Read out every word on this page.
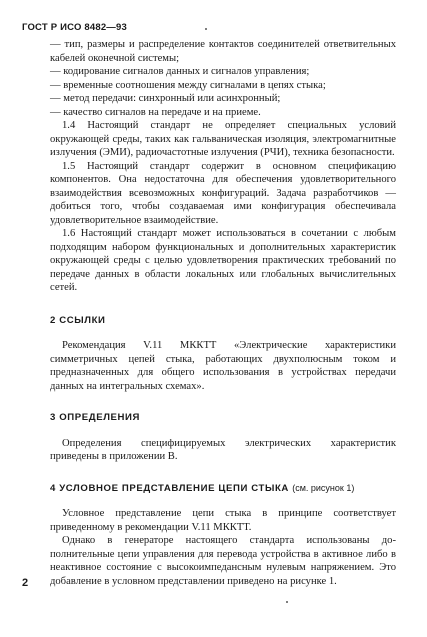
ГОСТ Р ИСО 8482—93

— тип, размеры и распределение контактов соединителей ответвительных кабелей оконечной системы;

— кодирование сигналов данных и сигналов управления;

— временные соотношения между сигналами в цепях стыка;

— метод передачи: синхронный или асинхронный;

— качество сигналов на передаче и на приеме.

1.4 Настоящий стандарт не определяет специальных условий окружающей среды, таких как гальваническая изоляция, электромагнитные излучения (ЭМИ), радиочастотные излучения (РЧИ), техника безопасности.

1.5 Настоящий стандарт содержит в основном спецификацию компонентов. Она недостаточна для обеспечения удовлетворительного взаимодействия всевозможных конфигураций. Задача разработчиков — добиться того, чтобы создаваемая ими конфигурация обеспечивала удовлетворительное взаимодействие.

1.6 Настоящий стандарт может использоваться в сочетании с любым подходящим набором функциональных и дополнительных характеристик окружающей среды с целью удовлетворения практических требований по передаче данных в области локальных или глобальных вычислительных сетей.

2 ССЫЛКИ

Рекомендация V.11 МККТТ «Электрические характеристики симметричных цепей стыка, работающих двухполюсным током и предназначенных для общего использования в устройствах передачи данных на интегральных схемах».

3 ОПРЕДЕЛЕНИЯ

Определения специфицируемых электрических характеристик приведены в приложении В.

4 УСЛОВНОЕ ПРЕДСТАВЛЕНИЕ ЦЕПИ СТЫКА (см. рисунок 1)

Условное представление цепи стыка в принципе соответствует приведенному в рекомендации V.11 МККТТ.

Однако в генераторе настоящего стандарта использованы дополнительные цепи управления для перевода устройства в активное либо в неактивное состояние с высокоимпедансным нулевым напряжением. Это добавление в условном представлении приведено на рисунке 1.

2
